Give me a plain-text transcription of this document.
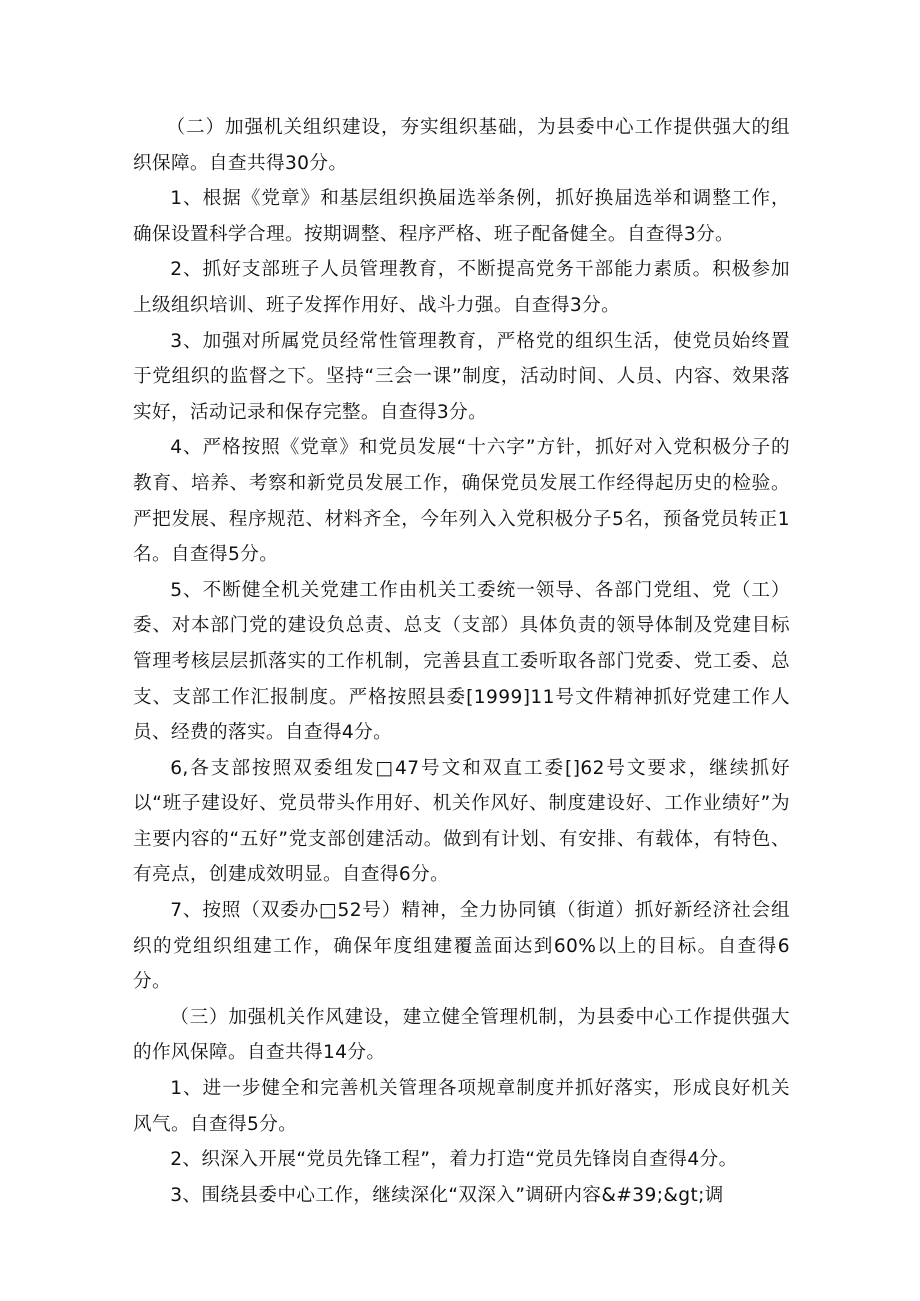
（二）加强机关组织建设，夯实组织基础，为县委中心工作提供强大的组织保障。自查共得30分。

1、根据《党章》和基层组织换届选举条例，抓好换届选举和调整工作，确保设置科学合理。按期调整、程序严格、班子配备健全。自查得3分。

2、抓好支部班子人员管理教育，不断提高党务干部能力素质。积极参加上级组织培训、班子发挥作用好、战斗力强。自查得3分。

3、加强对所属党员经常性管理教育，严格党的组织生活，使党员始终置于党组织的监督之下。坚持“三会一课”制度，活动时间、人员、内容、效果落实好，活动记录和保存完整。自查得3分。

4、严格按照《党章》和党员发展“十六字”方针，抓好对入党积极分子的教育、培养、考察和新党员发展工作，确保党员发展工作经得起历史的检验。严把发展、程序规范、材料齐全，今年列入入党积极分子5名，预备党员转正1名。自查得5分。

5、不断健全机关党建工作由机关工委统一领导、各部门党组、党（工）委、对本部门党的建设负总责、总支（支部）具体负责的领导体制及党建目标管理考核层层抓落实的工作机制，完善县直工委听取各部门党委、党工委、总支、支部工作汇报制度。严格按照县委[1999]11号文件精神抓好党建工作人员、经费的落实。自查得4分。

6,各支部按照双委组发□47号文和双直工委[]62号文要求，继续抓好以“班子建设好、党员带头作用好、机关作风好、制度建设好、工作业绩好”为主要内容的“五好”党支部创建活动。做到有计划、有安排、有载体，有特色、有亮点，创建成效明显。自查得6分。

7、按照（双委办□52号）精神，全力协同镇（街道）抓好新经济社会组织的党组织组建工作，确保年度组建覆盖面达到60%以上的目标。自查得6分。

（三）加强机关作风建设，建立健全管理机制，为县委中心工作提供强大的作风保障。自查共得14分。

1、进一步健全和完善机关管理各项规章制度并抓好落实，形成良好机关风气。自查得5分。

2、织深入开展“党员先锋工程”，着力打造“党员先锋岗自查得4分。

3、围绕县委中心工作，继续深化“双深入”调研内容&#39;&gt;调
